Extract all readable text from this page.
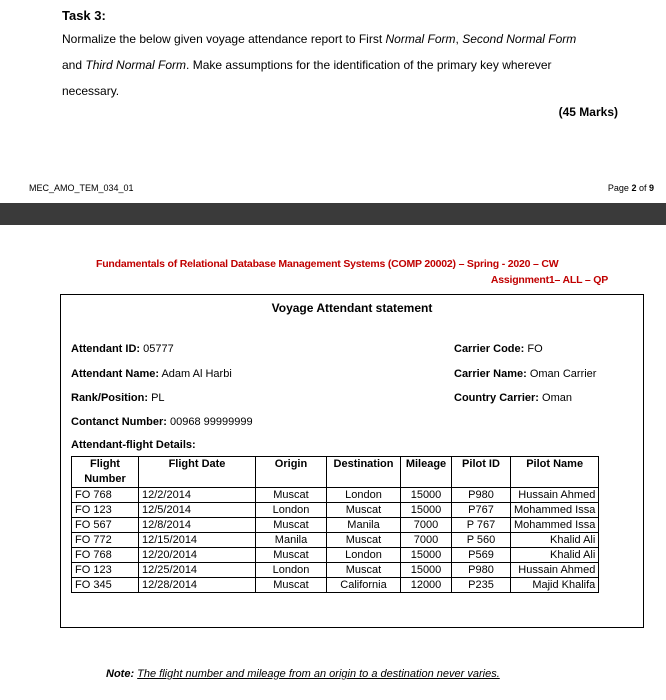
Task 3:
Normalize the below given voyage attendance report to First Normal Form, Second Normal Form
and Third Normal Form. Make assumptions for the identification of the primary key wherever
necessary.
(45 Marks)
MEC_AMO_TEM_034_01	Page 2 of 9
Fundamentals of Relational Database Management Systems (COMP 20002) – Spring - 2020 – CW
Assignment1– ALL – QP
Voyage Attendant statement
Attendant ID: 05777
Attendant Name: Adam Al Harbi
Rank/Position: PL
Contanct Number: 00968 99999999
Attendant-flight Details:
Carrier Code: FO
Carrier Name: Oman Carrier
Country Carrier: Oman
Flight Number	Flight Date	Origin	Destination	Mileage	Pilot ID	Pilot Name
FO 768	12/2/2014	Muscat	London	15000	P980	Hussain Ahmed
FO 123	12/5/2014	London	Muscat	15000	P767	Mohammed Issa
FO 567	12/8/2014	Muscat	Manila	7000	P 767	Mohammed Issa
FO 772	12/15/2014	Manila	Muscat	7000	P 560	Khalid Ali
FO 768	12/20/2014	Muscat	London	15000	P569	Khalid Ali
FO 123	12/25/2014	London	Muscat	15000	P980	Hussain Ahmed
FO 345	12/28/2014	Muscat	California	12000	P235	Majid Khalifa
Note: The flight number and mileage from an origin to a destination never varies.
